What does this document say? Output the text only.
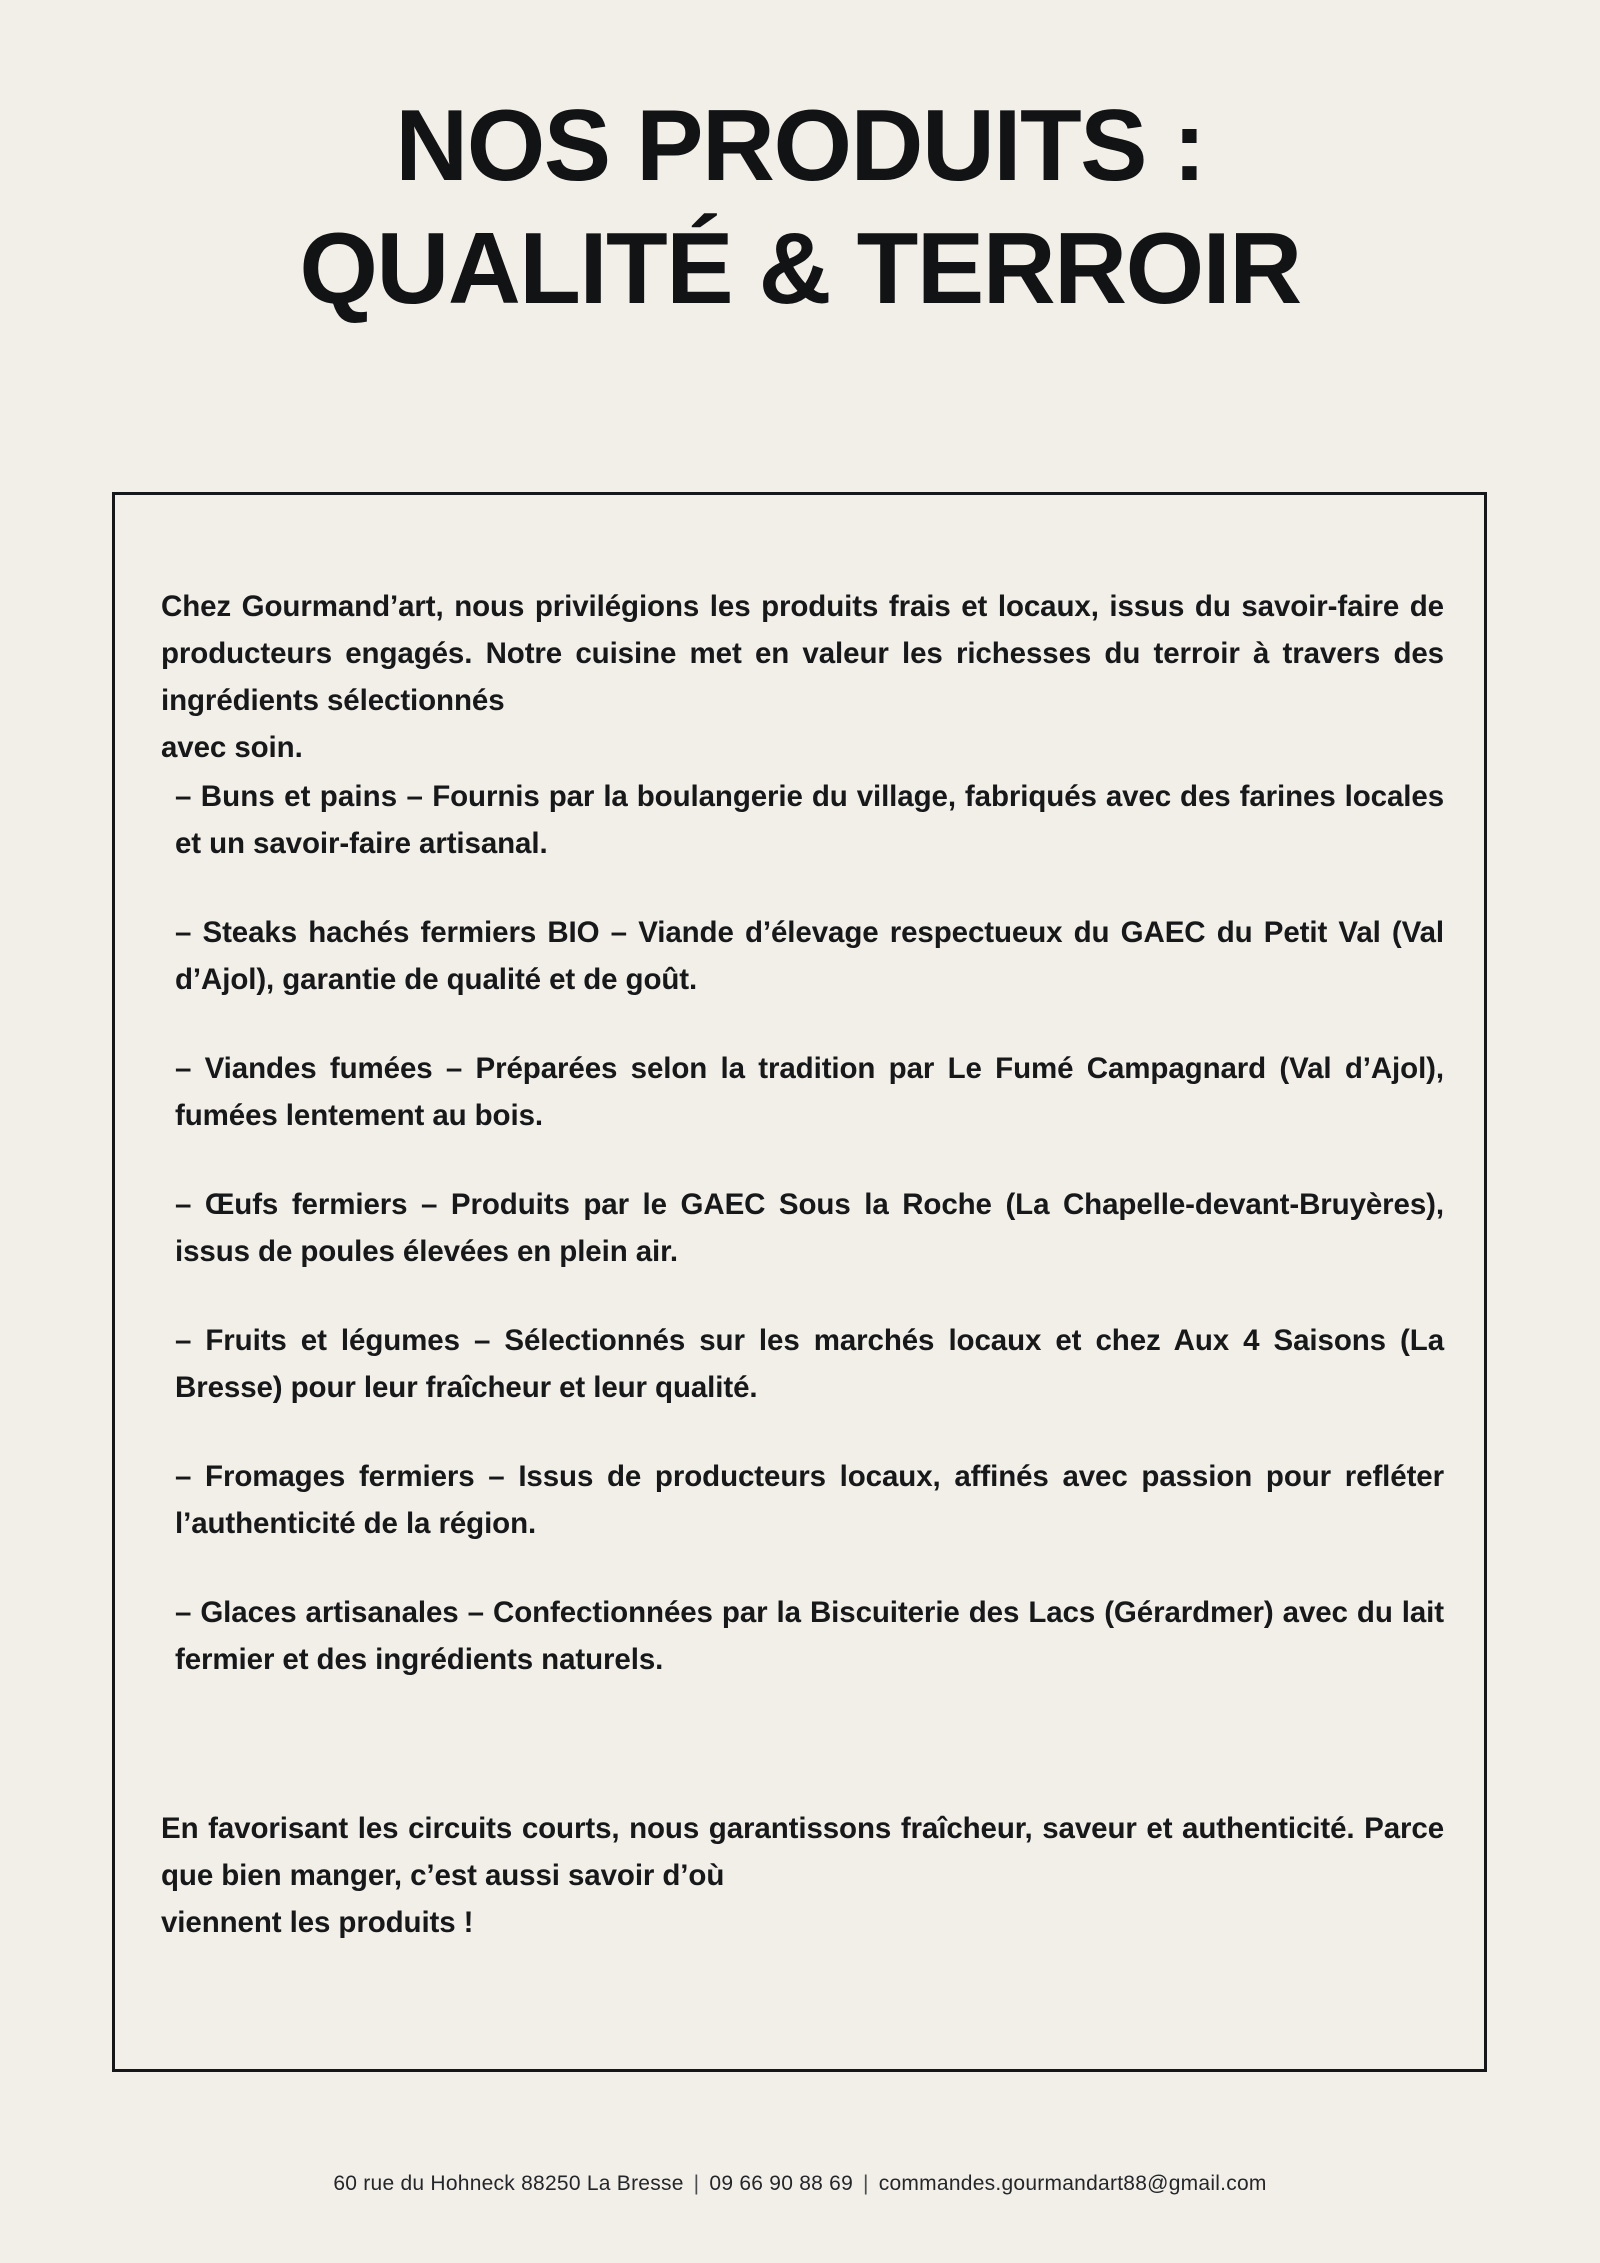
NOS PRODUITS :
QUALITÉ & TERROIR
Chez Gourmand’art, nous privilégions les produits frais et locaux, issus du savoir-faire de producteurs engagés. Notre cuisine met en valeur les richesses du terroir à travers des ingrédients sélectionnés
avec soin.
– Buns et pains – Fournis par la boulangerie du village, fabriqués avec des farines locales et un savoir-faire artisanal.
– Steaks hachés fermiers BIO – Viande d’élevage respectueux du GAEC du Petit Val (Val d’Ajol), garantie de qualité et de goût.
– Viandes fumées – Préparées selon la tradition par Le Fumé Campagnard (Val d’Ajol), fumées lentement au bois.
– Œufs fermiers – Produits par le GAEC Sous la Roche (La Chapelle-devant-Bruyères), issus de poules élevées en plein air.
– Fruits et légumes – Sélectionnés sur les marchés locaux et chez Aux 4 Saisons (La Bresse) pour leur fraîcheur et leur qualité.
– Fromages fermiers – Issus de producteurs locaux, affinés avec passion pour refléter l’authenticité de la région.
– Glaces artisanales – Confectionnées par la Biscuiterie des Lacs (Gérardmer) avec du lait fermier et des ingrédients naturels.
En favorisant les circuits courts, nous garantissons fraîcheur, saveur et authenticité. Parce que bien manger, c’est aussi savoir d’où
viennent les produits !
60 rue du Hohneck 88250 La Bresse | 09 66 90 88 69 | commandes.gourmandart88@gmail.com
